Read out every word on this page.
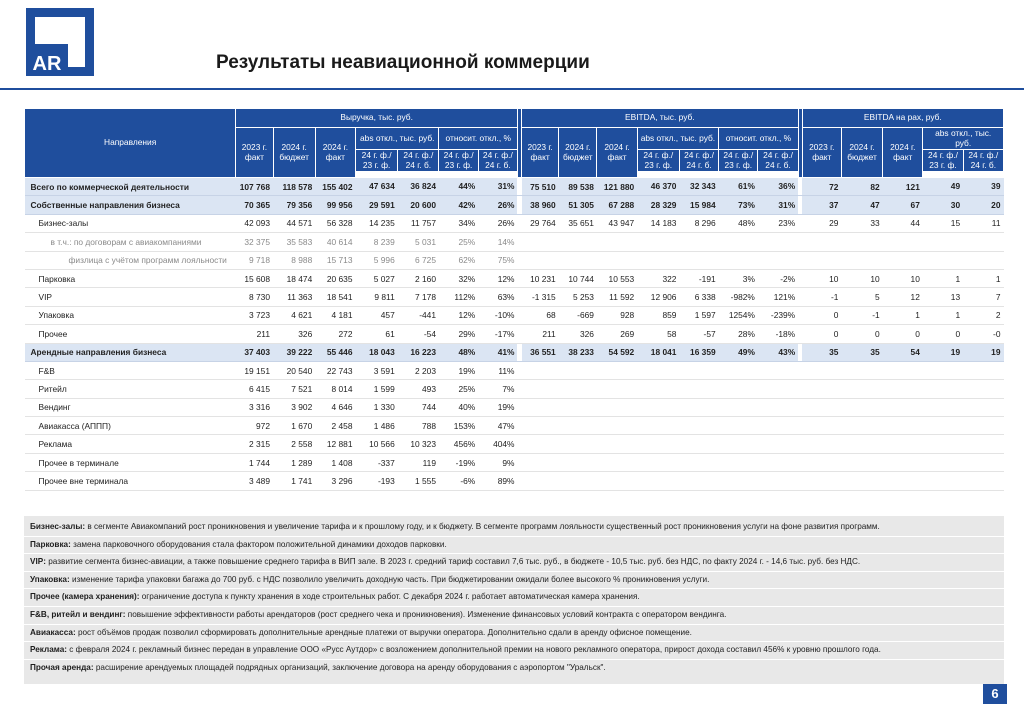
AR	Результаты неавиационной коммерции
Направления	Выручка, тыс. руб.								EBITDA, тыс. руб.								EBITDA на pax, руб.				
	2023 г. факт	2024 г. бюджет	2024 г. факт	abs откл., тыс. руб.		относит. откл., %			2023 г. факт	2024 г. бюджет	2024 г. факт	abs откл., тыс. руб.		относит. откл., %			2023 г. факт	2024 г. бюджет	2024 г. факт	abs откл., тыс. руб.	
				24 г. ф./ 23 г. ф.	24 г. ф./ 24 г. б.	24 г. ф./ 23 г. ф.	24 г. ф./ 24 г. б.					24 г. ф./ 23 г. ф.	24 г. ф./ 24 г. б.	24 г. ф./ 23 г. ф.	24 г. ф./ 24 г. б.					24 г. ф./ 23 г. ф.	24 г. ф./ 24 г. б.

Всего по коммерческой деятельности	107 768	118 578	155 402	47 634	36 824	44%	31%		75 510	89 538	121 880	46 370	32 343	61%	36%		72	82	121	49	39
Собственные направления бизнеса	70 365	79 356	99 956	29 591	20 600	42%	26%		38 960	51 305	67 288	28 329	15 984	73%	31%		37	47	67	30	20
Бизнес-залы	42 093	44 571	56 328	14 235	11 757	34%	26%		29 764	35 651	43 947	14 183	8 296	48%	23%		29	33	44	15	11
в т.ч.: по договорам с авиакомпаниями	32 375	35 583	40 614	8 239	5 031	25%	14%														
физлица с учётом программ лояльности	9 718	8 988	15 713	5 996	6 725	62%	75%														
Парковка	15 608	18 474	20 635	5 027	2 160	32%	12%		10 231	10 744	10 553	322	-191	3%	-2%		10	10	10	1	1
VIP	8 730	11 363	18 541	9 811	7 178	112%	63%		-1 315	5 253	11 592	12 906	6 338	-982%	121%		-1	5	12	13	7
Упаковка	3 723	4 621	4 181	457	-441	12%	-10%		68	-669	928	859	1 597	1254%	-239%		0	-1	1	1	2
Прочее	211	326	272	61	-54	29%	-17%		211	326	269	58	-57	28%	-18%		0	0	0	0	-0
Арендные направления бизнеса	37 403	39 222	55 446	18 043	16 223	48%	41%		36 551	38 233	54 592	18 041	16 359	49%	43%		35	35	54	19	19
F&B	19 151	20 540	22 743	3 591	2 203	19%	11%														
Ритейл	6 415	7 521	8 014	1 599	493	25%	7%														
Вендинг	3 316	3 902	4 646	1 330	744	40%	19%														
Авиакасса (АППП)	972	1 670	2 458	1 486	788	153%	47%														
Реклама	2 315	2 558	12 881	10 566	10 323	456%	404%														
Прочее в терминале	1 744	1 289	1 408	-337	119	-19%	9%														
Прочее вне терминала	3 489	1 741	3 296	-193	1 555	-6%	89%														
Бизнес-залы: в сегменте Авиакомпаний рост проникновения и увеличение тарифа и к прошлому году, и к бюджету. В сегменте программ лояльности существенный рост проникновения услуги на фоне развития программ.
Парковка: замена парковочного оборудования стала фактором положительной динамики доходов парковки.
VIP: развитие сегмента бизнес-авиации, а также повышение среднего тарифа в ВИП зале. В 2023 г. средний тариф составил 7,6 тыс. руб., в бюджете - 10,5 тыс. руб. без НДС, по факту 2024 г. - 14,6 тыс. руб. без НДС.
Упаковка: изменение тарифа упаковки багажа до 700 руб. с НДС позволило увеличить доходную часть. При бюджетировании ожидали более высокого % проникновения услуги.
Прочее (камера хранения): ограничение доступа к пункту хранения в ходе строительных работ. С декабря 2024 г. работает автоматическая камера хранения.
F&B, ритейл и вендинг: повышение эффективности работы арендаторов (рост среднего чека и проникновения). Изменение финансовых условий контракта с оператором вендинга.
Авиакасса: рост объёмов продаж позволил сформировать дополнительные арендные платежи от выручки оператора. Дополнительно сдали в аренду офисное помещение.
Реклама: с февраля 2024 г. рекламный бизнес передан в управление ООО «Русс Аутдор» с возложением дополнительной премии на нового рекламного оператора, прирост дохода составил 456% к уровню прошлого года.
Прочая аренда: расширение арендуемых площадей подрядных организаций, заключение договора на аренду оборудования с аэропортом "Уральск".
6
